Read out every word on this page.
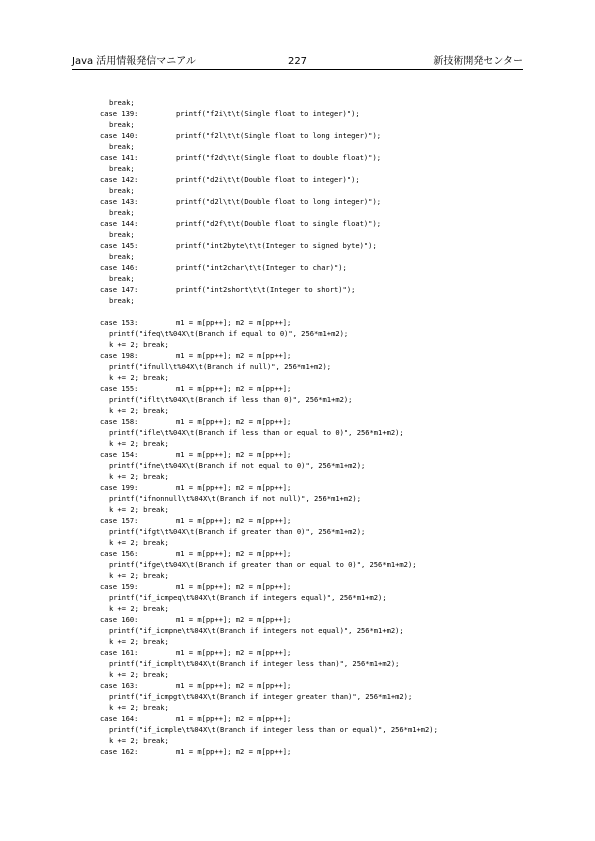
Java 活用情報発信マニアル	227	新技術開発センター
break;
case 139:	printf("f2i\t\t(Single float to integer)");
break;
case 140:	printf("f2l\t\t(Single float to long integer)");
break;
case 141:	printf("f2d\t\t(Single float to double float)");
break;
case 142:	printf("d2i\t\t(Double float to integer)");
break;
case 143:	printf("d2l\t\t(Double float to long integer)");
break;
case 144:	printf("d2f\t\t(Double float to single float)");
break;
case 145:	printf("int2byte\t\t(Integer to signed byte)");
break;
case 146:	printf("int2char\t\t(Integer to char)");
break;
case 147:	printf("int2short\t\t(Integer to short)");
break;
case 153:	m1 = m[pp++]; m2 = m[pp++];
printf("ifeq\t%04X\t(Branch if equal to 0)", 256*m1+m2);
k += 2; break;
case 198:	m1 = m[pp++]; m2 = m[pp++];
printf("ifnull\t%04X\t(Branch if null)", 256*m1+m2);
k += 2; break;
case 155:	m1 = m[pp++]; m2 = m[pp++];
printf("iflt\t%04X\t(Branch if less than 0)", 256*m1+m2);
k += 2; break;
case 158:	m1 = m[pp++]; m2 = m[pp++];
printf("ifle\t%04X\t(Branch if less than or equal to 0)", 256*m1+m2);
k += 2; break;
case 154:	m1 = m[pp++]; m2 = m[pp++];
printf("ifne\t%04X\t(Branch if not equal to 0)", 256*m1+m2);
k += 2; break;
case 199:	m1 = m[pp++]; m2 = m[pp++];
printf("ifnonnull\t%04X\t(Branch if not null)", 256*m1+m2);
k += 2; break;
case 157:	m1 = m[pp++]; m2 = m[pp++];
printf("ifgt\t%04X\t(Branch if greater than 0)", 256*m1+m2);
k += 2; break;
case 156:	m1 = m[pp++]; m2 = m[pp++];
printf("ifge\t%04X\t(Branch if greater than or equal to 0)", 256*m1+m2);
k += 2; break;
case 159:	m1 = m[pp++]; m2 = m[pp++];
printf("if_icmpeq\t%04X\t(Branch if integers equal)", 256*m1+m2);
k += 2; break;
case 160:	m1 = m[pp++]; m2 = m[pp++];
printf("if_icmpne\t%04X\t(Branch if integers not equal)", 256*m1+m2);
k += 2; break;
case 161:	m1 = m[pp++]; m2 = m[pp++];
printf("if_icmplt\t%04X\t(Branch if integer less than)", 256*m1+m2);
k += 2; break;
case 163:	m1 = m[pp++]; m2 = m[pp++];
printf("if_icmpgt\t%04X\t(Branch if integer greater than)", 256*m1+m2);
k += 2; break;
case 164:	m1 = m[pp++]; m2 = m[pp++];
printf("if_icmple\t%04X\t(Branch if integer less than or equal)", 256*m1+m2);
k += 2; break;
case 162:	m1 = m[pp++]; m2 = m[pp++];
